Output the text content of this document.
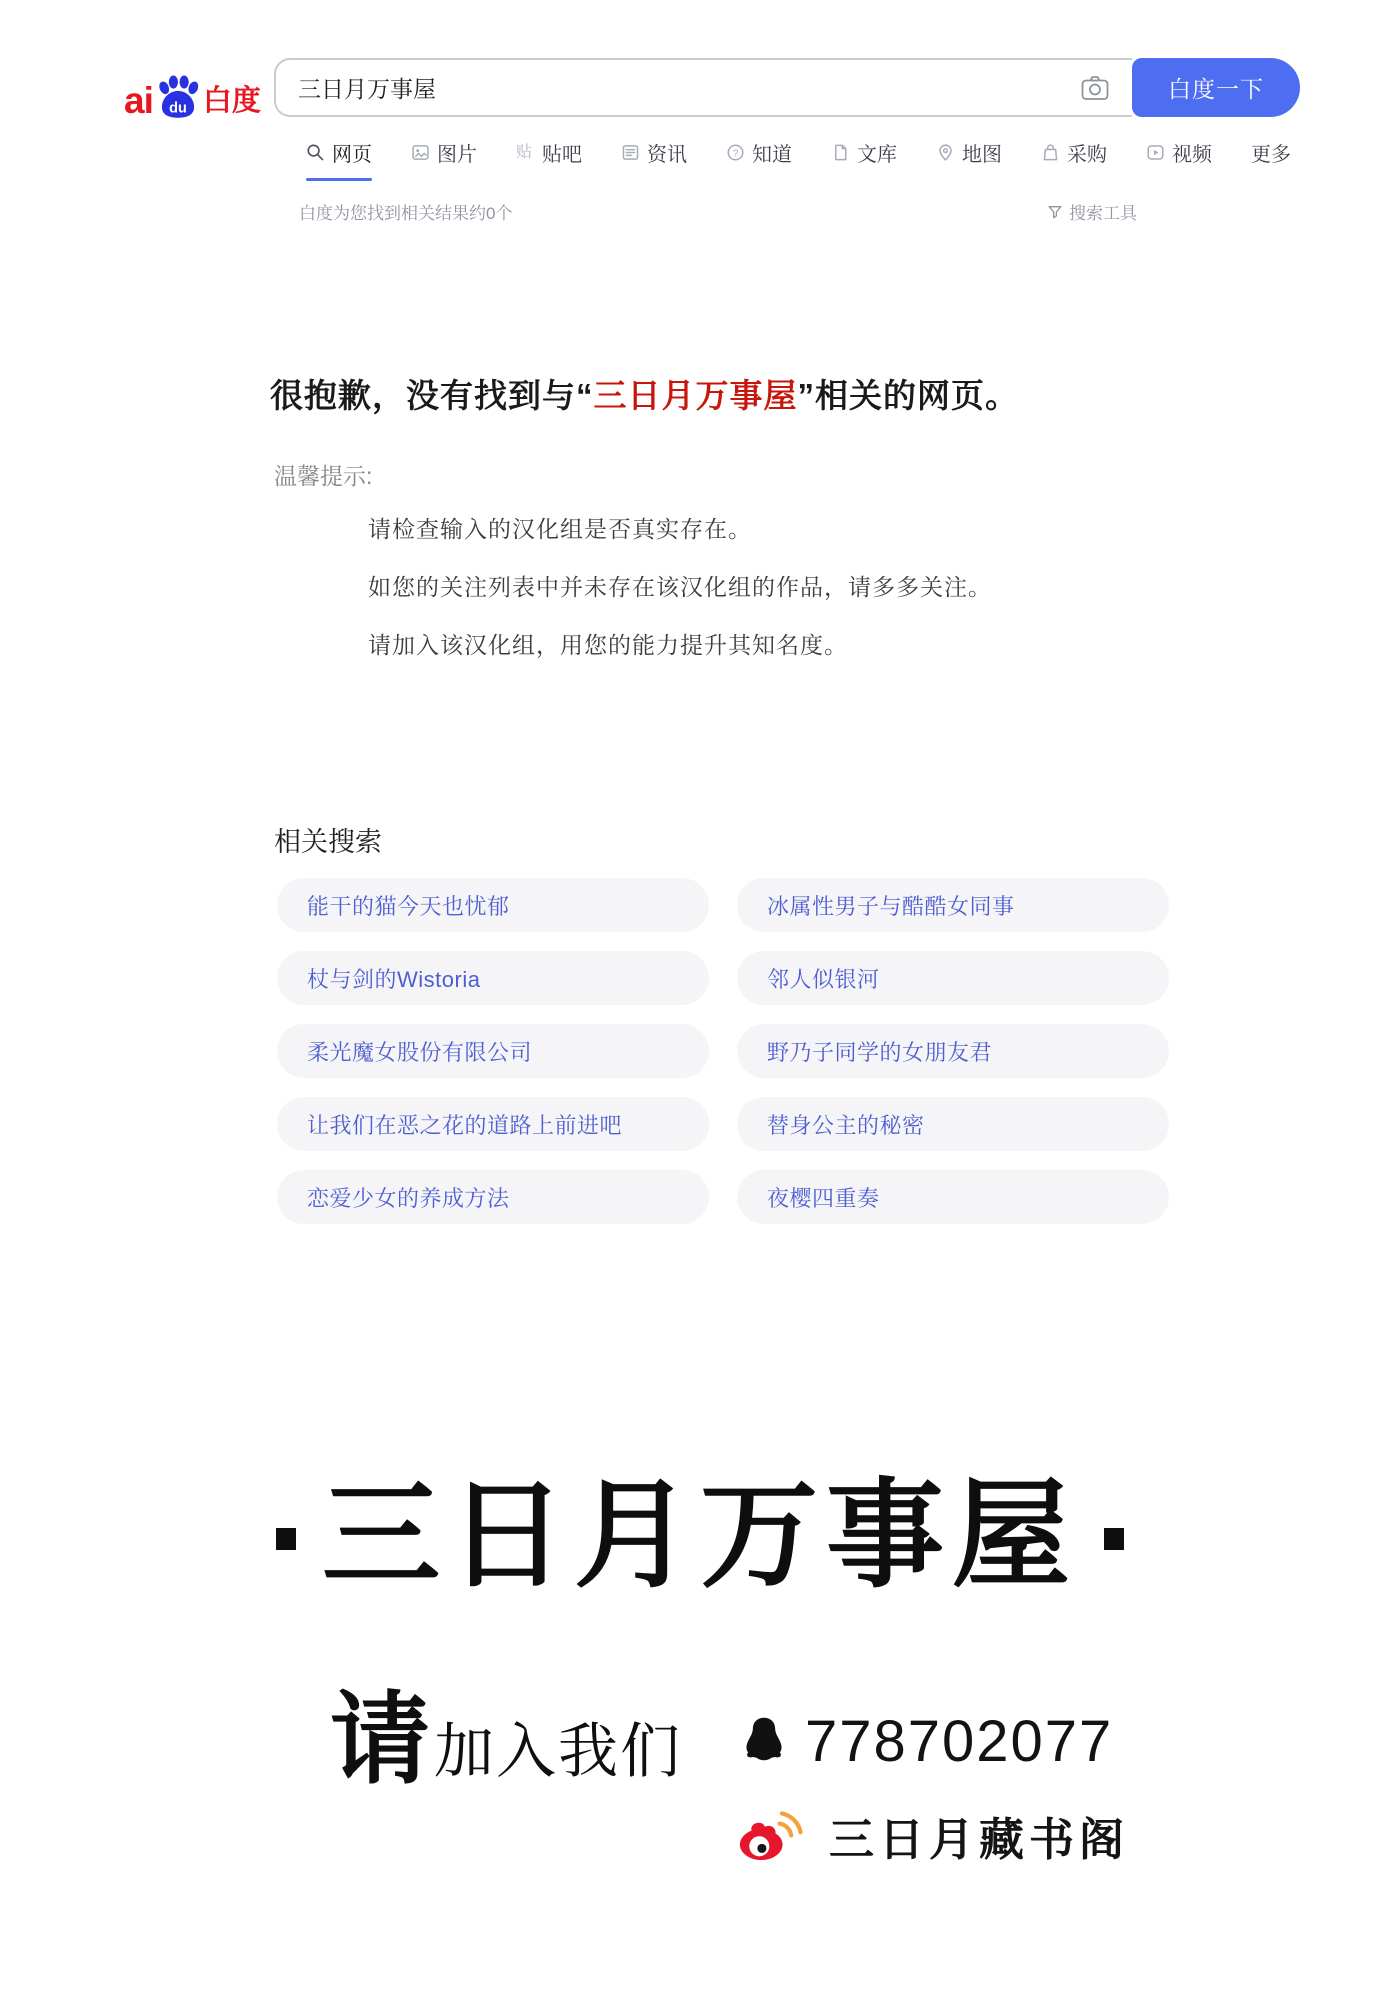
ai du 白度
三日月万事屋	白度一下
网页	图片 贴 贴吧	资讯	? 知道	文库	地图	采购	视频 更多
白度为您找到相关结果约0个	搜索工具
很抱歉，没有找到与“三日月万事屋”相关的网页。
温馨提示:
请检查输入的汉化组是否真实存在。
如您的关注列表中并未存在该汉化组的作品，请多多关注。
请加入该汉化组，用您的能力提升其知名度。
相关搜索
能干的猫今天也忧郁	冰属性男子与酷酷女同事
杖与剑的Wistoria	邻人似银河
柔光魔女股份有限公司	野乃子同学的女朋友君
让我们在恶之花的道路上前进吧	替身公主的秘密
恋爱少女的养成方法	夜樱四重奏
三日月万事屋
请 加入我们 778702077
三日月藏书阁
